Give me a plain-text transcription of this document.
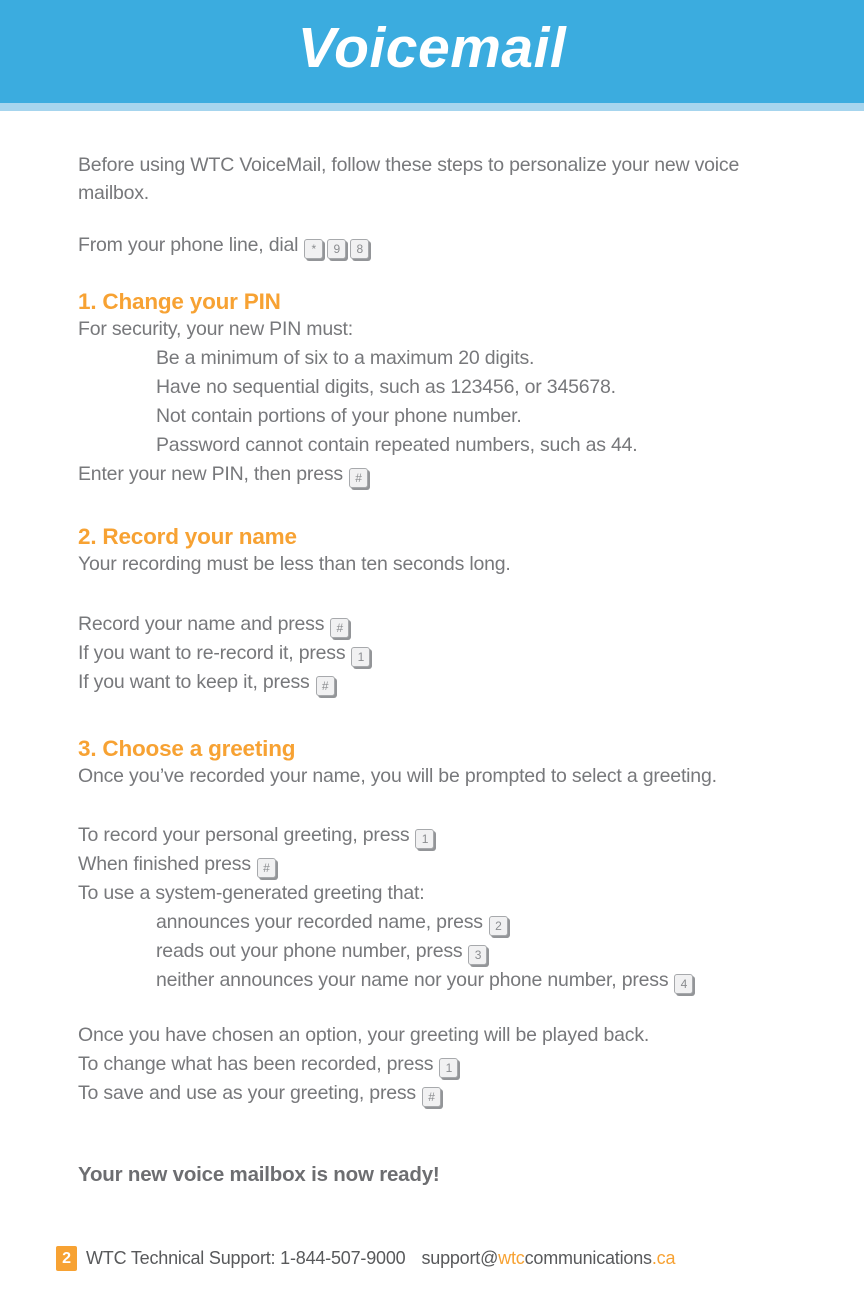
Voicemail

Before using WTC VoiceMail, follow these steps to personalize your new voice mailbox.

From your phone line, dial * 9 8

1. Change your PIN

For security, your new PIN must:

Be a minimum of six to a maximum 20 digits.

Have no sequential digits, such as 123456, or 345678.

Not contain portions of your phone number.

Password cannot contain repeated numbers, such as 44.

Enter your new PIN, then press #

2. Record your name

Your recording must be less than ten seconds long.

Record your name and press #

If you want to re-record it, press 1

If you want to keep it, press #

3. Choose a greeting

Once you’ve recorded your name, you will be prompted to select a greeting.

To record your personal greeting, press 1

When finished press #

To use a system-generated greeting that:

announces your recorded name, press 2

reads out your phone number, press 3

neither announces your name nor your phone number, press 4

Once you have chosen an option, your greeting will be played back.

To change what has been recorded, press 1

To save and use as your greeting, press #

Your new voice mailbox is now ready!

2 WTC Technical Support: 1-844-507-9000 support@wtccommunications.ca
